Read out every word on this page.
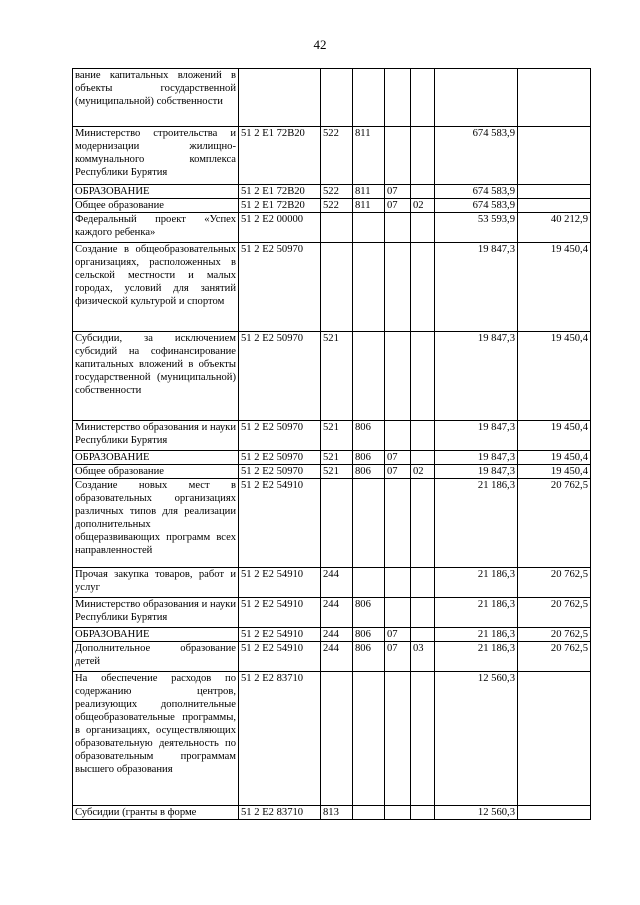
42
вание капитальных вложений в объекты государственной (муниципальной) собственности							
Министерство строительства и модернизации жилищно-коммунального комплекса Республики Бурятия	51 2 E1 72B20	522	811			674 583,9	
ОБРАЗОВАНИЕ	51 2 E1 72B20	522	811	07		674 583,9	
Общее образование	51 2 E1 72B20	522	811	07	02	674 583,9	
Федеральный проект «Успех каждого ребенка»	51 2 E2 00000					53 593,9	40 212,9
Создание в общеобразовательных организациях, расположенных в сельской местности и малых городах, условий для занятий физической культурой и спортом	51 2 E2 50970					19 847,3	19 450,4
Субсидии, за исключением субсидий на софинансирование капитальных вложений в объекты государственной (муниципальной) собственности	51 2 E2 50970	521				19 847,3	19 450,4
Министерство образования и науки Республики Бурятия	51 2 E2 50970	521	806			19 847,3	19 450,4
ОБРАЗОВАНИЕ	51 2 E2 50970	521	806	07		19 847,3	19 450,4
Общее образование	51 2 E2 50970	521	806	07	02	19 847,3	19 450,4
Создание новых мест в образовательных организациях различных типов для реализации дополнительных общеразвивающих программ всех направленностей	51 2 E2 54910					21 186,3	20 762,5
Прочая закупка товаров, работ и услуг	51 2 E2 54910	244				21 186,3	20 762,5
Министерство образования и науки Республики Бурятия	51 2 E2 54910	244	806			21 186,3	20 762,5
ОБРАЗОВАНИЕ	51 2 E2 54910	244	806	07		21 186,3	20 762,5
Дополнительное образование детей	51 2 E2 54910	244	806	07	03	21 186,3	20 762,5
На обеспечение расходов по содержанию центров, реализующих дополнительные общеобразовательные программы, в организациях, осуществляющих образовательную деятельность по образовательным программам высшего образования	51 2 E2 83710					12 560,3	
Субсидии (гранты в форме	51 2 E2 83710	813				12 560,3	
